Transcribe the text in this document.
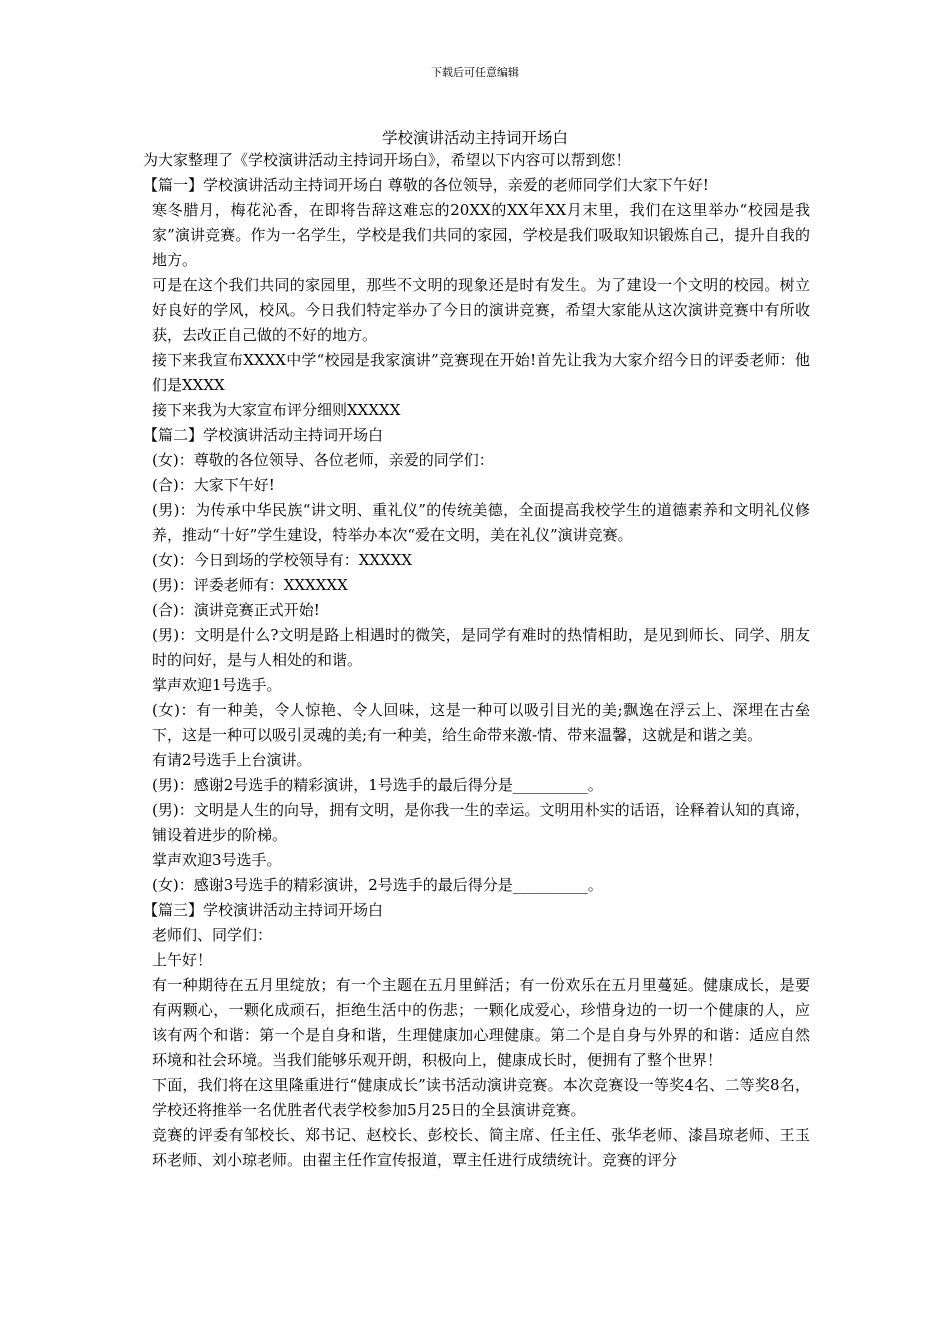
下载后可任意编辑
学校演讲活动主持词开场白

为大家整理了《学校演讲活动主持词开场白》，希望以下内容可以帮到您！

【篇一】学校演讲活动主持词开场白 尊敬的各位领导，亲爱的老师同学们大家下午好!

寒冬腊月，梅花沁香，在即将告辞这难忘的20XX的XX年XX月末里，我们在这里举办“校园是我家”演讲竞赛。作为一名学生，学校是我们共同的家园，学校是我们吸取知识锻炼自己，提升自我的地方。

可是在这个我们共同的家园里，那些不文明的现象还是时有发生。为了建设一个文明的校园。树立好良好的学风，校风。今日我们特定举办了今日的演讲竞赛，希望大家能从这次演讲竞赛中有所收获，去改正自己做的不好的地方。

接下来我宣布XXXX中学“校园是我家演讲”竞赛现在开始!首先让我为大家介绍今日的评委老师：他们是XXXX

接下来我为大家宣布评分细则XXXXX

【篇二】学校演讲活动主持词开场白

(女)：尊敬的各位领导、各位老师，亲爱的同学们：

(合)：大家下午好!

(男)：为传承中华民族“讲文明、重礼仪”的传统美德，全面提高我校学生的道德素养和文明礼仪修养，推动“十好”学生建设，特举办本次“爱在文明，美在礼仪”演讲竞赛。

(女)：今日到场的学校领导有：XXXXX

(男)：评委老师有：XXXXXX

(合)：演讲竞赛正式开始!

(男)：文明是什么?文明是路上相遇时的微笑，是同学有难时的热情相助，是见到师长、同学、朋友时的问好，是与人相处的和谐。

掌声欢迎1号选手。

(女)：有一种美，令人惊艳、令人回味，这是一种可以吸引目光的美;飘逸在浮云上、深埋在古垒下，这是一种可以吸引灵魂的美;有一种美，给生命带来激-情、带来温馨，这就是和谐之美。

有请2号选手上台演讲。

(男)：感谢2号选手的精彩演讲，1号选手的最后得分是__________。

(男)：文明是人生的向导，拥有文明，是你我一生的幸运。文明用朴实的话语，诠释着认知的真谛，铺设着进步的阶梯。

掌声欢迎3号选手。

(女)：感谢3号选手的精彩演讲，2号选手的最后得分是__________。

【篇三】学校演讲活动主持词开场白

老师们、同学们：

上午好！

有一种期待在五月里绽放；有一个主题在五月里鲜活；有一份欢乐在五月里蔓延。健康成长，是要有两颗心，一颗化成顽石，拒绝生活中的伤悲；一颗化成爱心，珍惜身边的一切一个健康的人，应该有两个和谐：第一个是自身和谐，生理健康加心理健康。第二个是自身与外界的和谐：适应自然环境和社会环境。当我们能够乐观开朗，积极向上，健康成长时，便拥有了整个世界！

下面，我们将在这里隆重进行“健康成长”读书活动演讲竞赛。本次竞赛设一等奖4名、二等奖8名，学校还将推举一名优胜者代表学校参加5月25日的全县演讲竞赛。

竞赛的评委有邹校长、郑书记、赵校长、彭校长、简主席、任主任、张华老师、漆昌琼老师、王玉环老师、刘小琼老师。由翟主任作宣传报道，覃主任进行成绩统计。竞赛的评分
